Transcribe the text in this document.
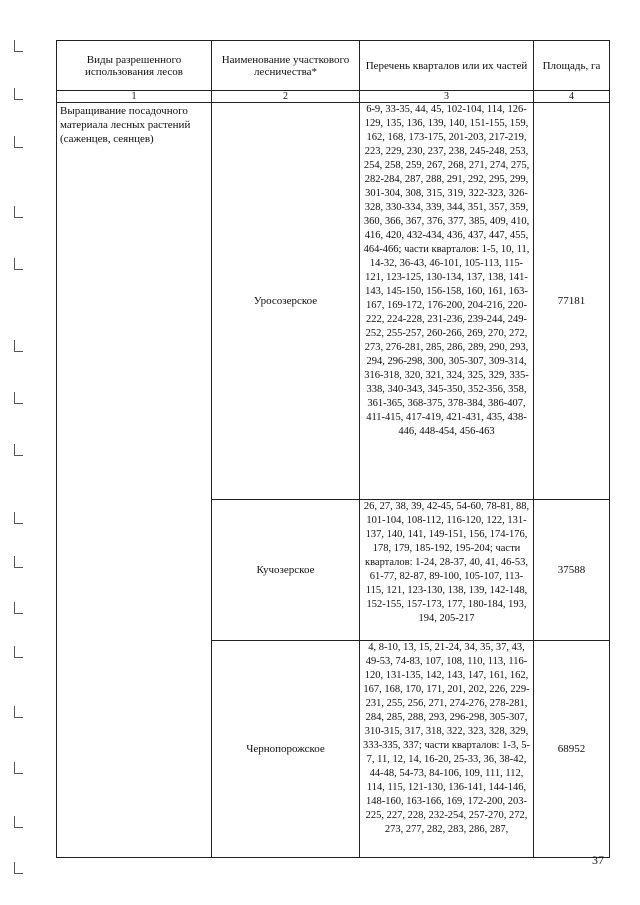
Виды разрешенного использования лесов	Наименование участкового лесничества*	Перечень кварталов или их частей	Площадь, га
1	2	3	4
Выращивание посадочного материала лесных растений (саженцев, сеянцев)	Уросозерское	6-9, 33-35, 44, 45, 102-104, 114, 126-129, 135, 136, 139, 140, 151-155, 159, 162, 168, 173-175, 201-203, 217-219, 223, 229, 230, 237, 238, 245-248, 253, 254, 258, 259, 267, 268, 271, 274, 275, 282-284, 287, 288, 291, 292, 295, 299, 301-304, 308, 315, 319, 322-323, 326-328, 330-334, 339, 344, 351, 357, 359, 360, 366, 367, 376, 377, 385, 409, 410, 416, 420, 432-434, 436, 437, 447, 455, 464-466; части кварталов: 1-5, 10, 11, 14-32, 36-43, 46-101, 105-113, 115-121, 123-125, 130-134, 137, 138, 141-143, 145-150, 156-158, 160, 161, 163-167, 169-172, 176-200, 204-216, 220-222, 224-228, 231-236, 239-244, 249-252, 255-257, 260-266, 269, 270, 272, 273, 276-281, 285, 286, 289, 290, 293, 294, 296-298, 300, 305-307, 309-314, 316-318, 320, 321, 324, 325, 329, 335-338, 340-343, 345-350, 352-356, 358, 361-365, 368-375, 378-384, 386-407, 411-415, 417-419, 421-431, 435, 438-446, 448-454, 456-463	77181
	Кучозерское	26, 27, 38, 39, 42-45, 54-60, 78-81, 88, 101-104, 108-112, 116-120, 122, 131-137, 140, 141, 149-151, 156, 174-176, 178, 179, 185-192, 195-204; части кварталов: 1-24, 28-37, 40, 41, 46-53, 61-77, 82-87, 89-100, 105-107, 113-115, 121, 123-130, 138, 139, 142-148, 152-155, 157-173, 177, 180-184, 193, 194, 205-217	37588
	Чернопорожское	4, 8-10, 13, 15, 21-24, 34, 35, 37, 43, 49-53, 74-83, 107, 108, 110, 113, 116-120, 131-135, 142, 143, 147, 161, 162, 167, 168, 170, 171, 201, 202, 226, 229-231, 255, 256, 271, 274-276, 278-281, 284, 285, 288, 293, 296-298, 305-307, 310-315, 317, 318, 322, 323, 328, 329, 333-335, 337; части кварталов: 1-3, 5-7, 11, 12, 14, 16-20, 25-33, 36, 38-42, 44-48, 54-73, 84-106, 109, 111, 112, 114, 115, 121-130, 136-141, 144-146, 148-160, 163-166, 169, 172-200, 203-225, 227, 228, 232-254, 257-270, 272, 273, 277, 282, 283, 286, 287,	68952
37
